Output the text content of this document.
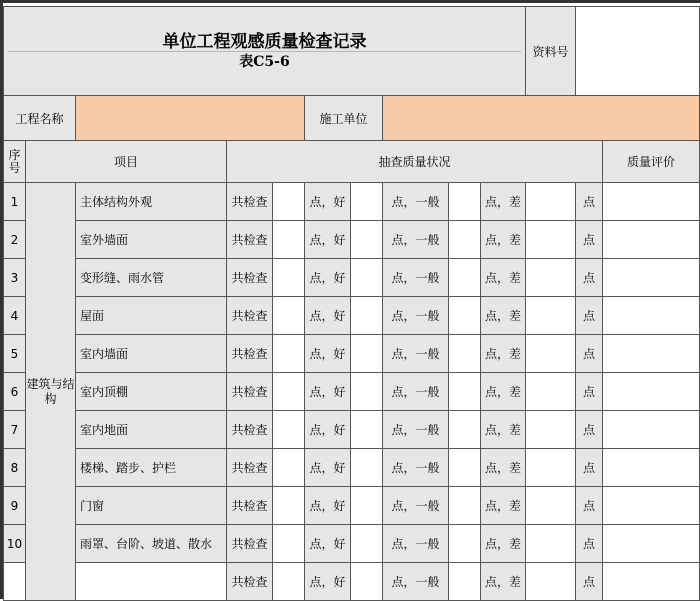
单位工程观感质量检查记录
表C5-6										资料号		
工程名称					施工单位							
序号	项目		抽查质量状况									质量评价
1	建筑与结构	主体结构外观	共检查		点，好		点，一般		点，差		点	
2		室外墙面	共检查		点，好		点，一般		点，差		点	
3		变形缝、雨水管	共检查		点，好		点，一般		点，差		点	
4		屋面	共检查		点，好		点，一般		点，差		点	
5		室内墙面	共检查		点，好		点，一般		点，差		点	
6		室内顶棚	共检查		点，好		点，一般		点，差		点	
7		室内地面	共检查		点，好		点，一般		点，差		点	
8		楼梯、踏步、护栏	共检查		点，好		点，一般		点，差		点	
9		门窗	共检查		点，好		点，一般		点，差		点	
10		雨罩、台阶、坡道、散水	共检查		点，好		点，一般		点，差		点	
			共检查		点，好		点，一般		点，差		点	
